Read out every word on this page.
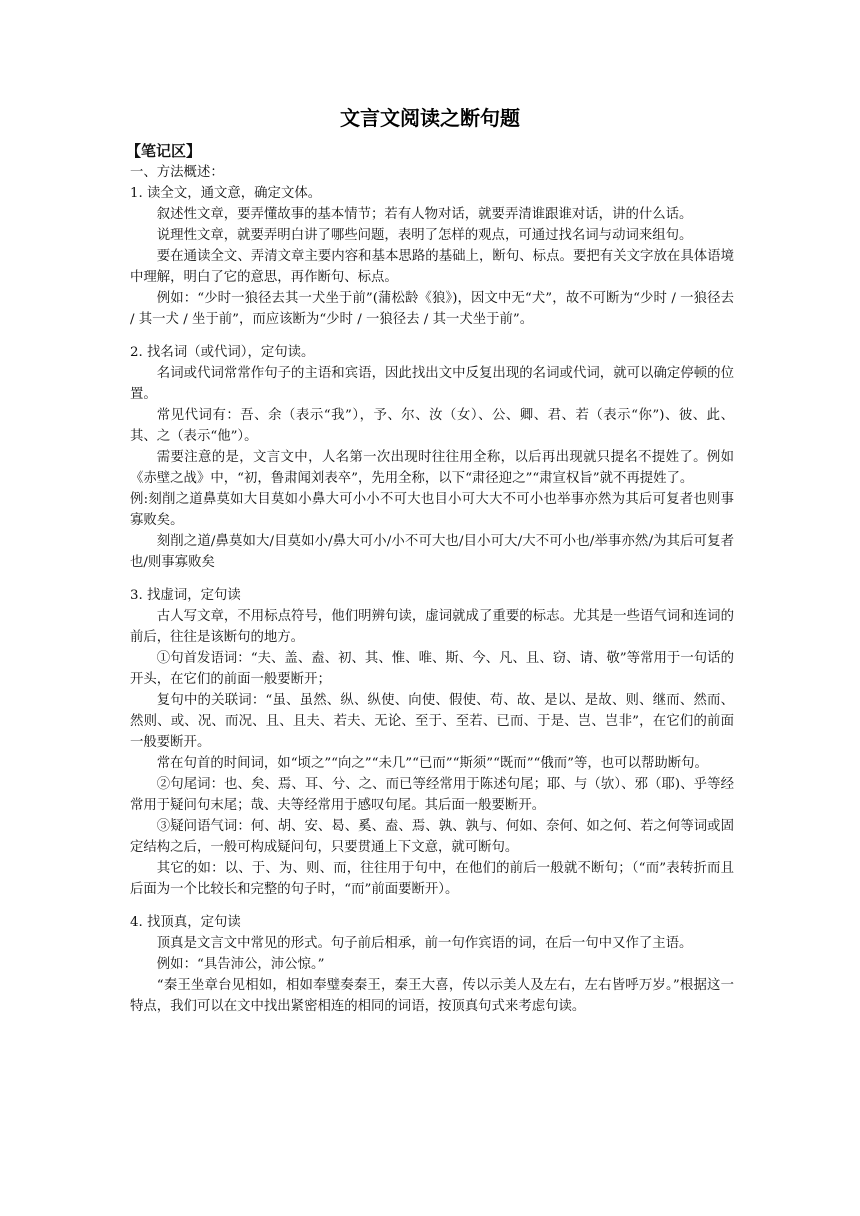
文言文阅读之断句题

【笔记区】

一、方法概述：

1. 读全文，通文意，确定文体。

叙述性文章，要弄懂故事的基本情节；若有人物对话，就要弄清谁跟谁对话，讲的什么话。

说理性文章，就要弄明白讲了哪些问题，表明了怎样的观点，可通过找名词与动词来组句。

要在通读全文、弄清文章主要内容和基本思路的基础上，断句、标点。要把有关文字放在具体语境中理解，明白了它的意思，再作断句、标点。

例如：“少时一狼径去其一犬坐于前”(蒲松龄《狼》)，因文中无“犬”，故不可断为“少时 / 一狼径去 / 其一犬 / 坐于前”，而应该断为“少时 / 一狼径去 / 其一犬坐于前”。

2. 找名词（或代词），定句读。

名词或代词常常作句子的主语和宾语，因此找出文中反复出现的名词或代词，就可以确定停顿的位置。

常见代词有：吾、余（表示“我”），予、尔、汝（女）、公、卿、君、若（表示“你”)、彼、此、其、之（表示“他”）。

需要注意的是，文言文中，人名第一次出现时往往用全称，以后再出现就只提名不提姓了。例如《赤壁之战》中，“初，鲁肃闻刘表卒”，先用全称，以下“肃径迎之”“肃宣权旨”就不再提姓了。

例:刻削之道鼻莫如大目莫如小鼻大可小小不可大也目小可大大不可小也举事亦然为其后可复者也则事寡败矣。

刻削之道/鼻莫如大/目莫如小/鼻大可小/小不可大也/目小可大/大不可小也/举事亦然/为其后可复者也/则事寡败矣

3. 找虚词，定句读

古人写文章，不用标点符号，他们明辨句读，虚词就成了重要的标志。尤其是一些语气词和连词的前后，往往是该断句的地方。

①句首发语词：“夫、盖、盍、初、其、惟、唯、斯、今、凡、且、窃、请、敬”等常用于一句话的开头，在它们的前面一般要断开；

复句中的关联词：“虽、虽然、纵、纵使、向使、假使、苟、故、是以、是故、则、继而、然而、然则、或、况、而况、且、且夫、若夫、无论、至于、至若、已而、于是、岂、岂非”，在它们的前面一般要断开。

常在句首的时间词，如“顷之”“向之”“未几”“已而”“斯须”“既而”“俄而”等，也可以帮助断句。

②句尾词：也、矣、焉、耳、兮、之、而已等经常用于陈述句尾；耶、与（欤）、邪（耶)、乎等经常用于疑问句末尾；哉、夫等经常用于感叹句尾。其后面一般要断开。

③疑问语气词：何、胡、安、曷、奚、盍、焉、孰、孰与、何如、奈何、如之何、若之何等词或固定结构之后，一般可构成疑问句，只要贯通上下文意，就可断句。

其它的如：以、于、为、则、而，往往用于句中，在他们的前后一般就不断句；（“而”表转折而且后面为一个比较长和完整的句子时，“而”前面要断开）。

4. 找顶真，定句读

顶真是文言文中常见的形式。句子前后相承，前一句作宾语的词，在后一句中又作了主语。

例如：“具告沛公，沛公惊。”

“秦王坐章台见相如，相如奉璧奏秦王，秦王大喜，传以示美人及左右，左右皆呼万岁。”根据这一特点，我们可以在文中找出紧密相连的相同的词语，按顶真句式来考虑句读。
